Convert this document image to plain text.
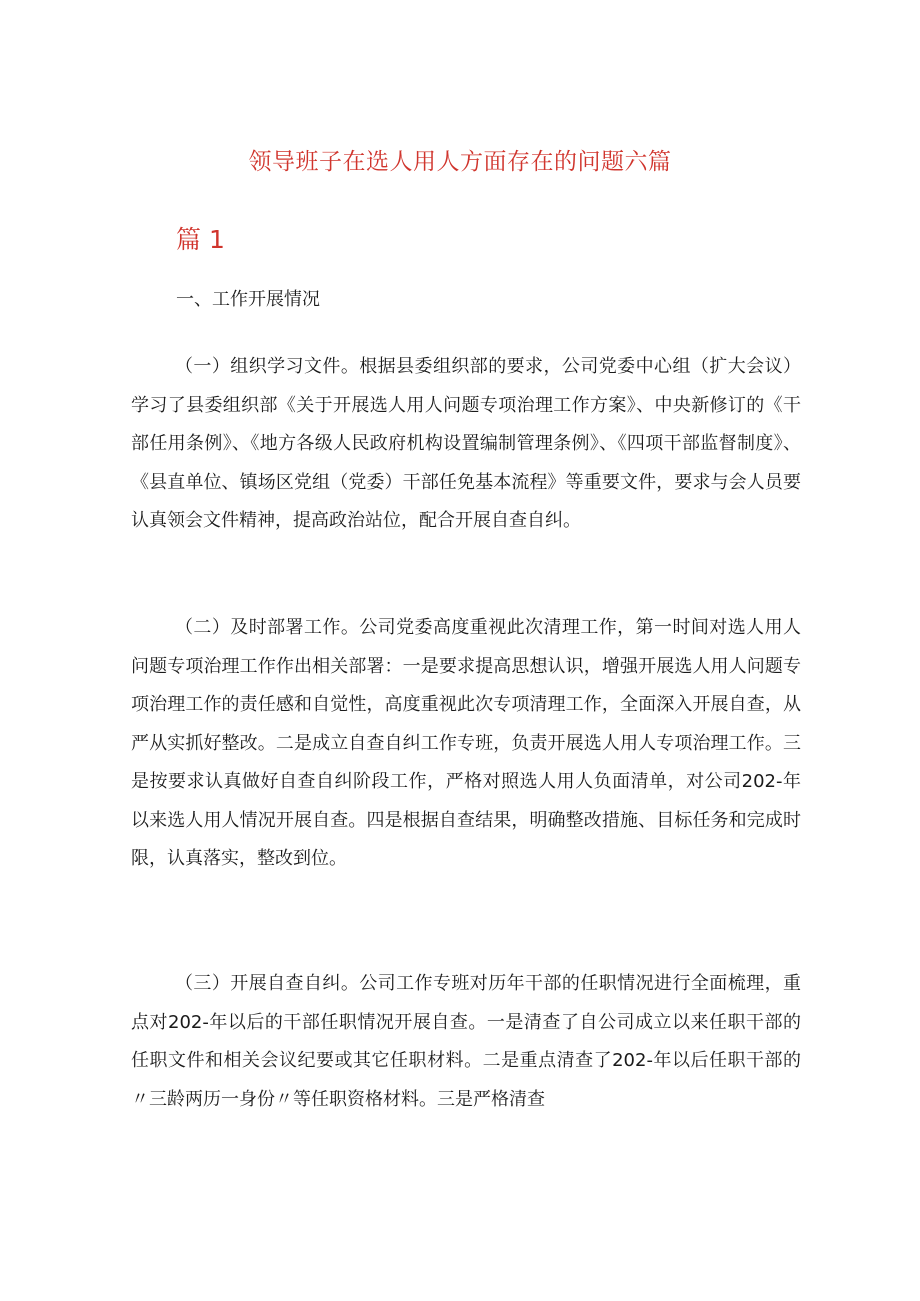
领导班子在选人用人方面存在的问题六篇
篇 1
一、工作开展情况

（一）组织学习文件。根据县委组织部的要求，公司党委中心组（扩大会议）学习了县委组织部《关于开展选人用人问题专项治理工作方案》、中央新修订的《干部任用条例》、《地方各级人民政府机构设置编制管理条例》、《四项干部监督制度》、《县直单位、镇场区党组（党委）干部任免基本流程》等重要文件，要求与会人员要认真领会文件精神，提高政治站位，配合开展自查自纠。

（二）及时部署工作。公司党委高度重视此次清理工作，第一时间对选人用人问题专项治理工作作出相关部署：一是要求提高思想认识，增强开展选人用人问题专项治理工作的责任感和自觉性，高度重视此次专项清理工作，全面深入开展自查，从严从实抓好整改。二是成立自查自纠工作专班，负责开展选人用人专项治理工作。三是按要求认真做好自查自纠阶段工作，严格对照选人用人负面清单，对公司202-年以来选人用人情况开展自查。四是根据自查结果，明确整改措施、目标任务和完成时限，认真落实，整改到位。

（三）开展自查自纠。公司工作专班对历年干部的任职情况进行全面梳理，重点对202-年以后的干部任职情况开展自查。一是清查了自公司成立以来任职干部的任职文件和相关会议纪要或其它任职材料。二是重点清查了202-年以后任职干部的〃三龄两历一身份〃等任职资格材料。三是严格清查
